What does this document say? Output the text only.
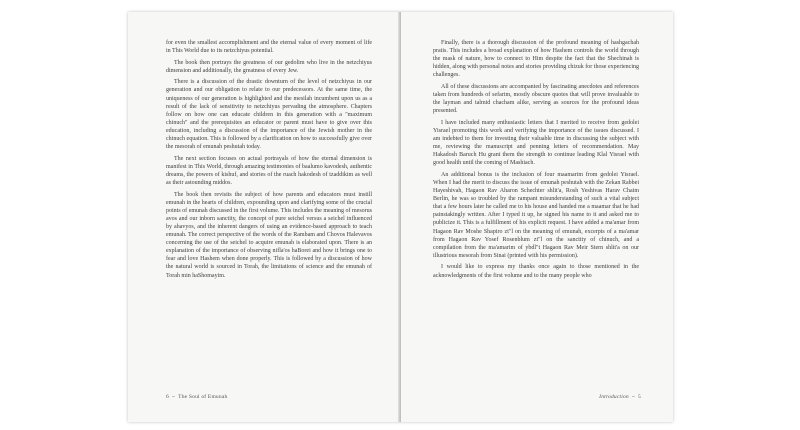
for even the smallest accomplishment and the eternal value of every moment of life in This World due to its netzchiyus potential.

The book then portrays the greatness of our gedolim who live in the netzchiyus dimension and additionally, the greatness of every Jew.

There is a discussion of the drastic downturn of the level of netzchiyus in our generation and our obligation to relate to our predecessors. At the same time, the uniqueness of our generation is highlighted and the mesilah incumbent upon us as a result of the lack of sensitivity to netzchiyus pervading the atmosphere. Chapters follow on how one can educate children in this generation with a "maximum chinuch" and the prerequisites an educator or parent must have to give over this education, including a discussion of the importance of the Jewish mother in the chinuch equation. This is followed by a clarification on how to successfully give over the mesorah of emunah peshutah today.

The next section focuses on actual portrayals of how the eternal dimension is manifest in This World, through amazing testimonies of baalumo kavodesh, authentic dreams, the powers of kishuf, and stories of the ruach hakodesh of tzaddikim as well as their astounding middos.

The book then revisits the subject of how parents and educators must instill emunah in the hearts of children, expounding upon and clarifying some of the crucial points of emunah discussed in the first volume. This includes the meaning of mesorus avos and our inborn sanctity, the concept of pure seichel versus a seichel influenced by ahavyos, and the inherent dangers of using an evidence-based approach to teach emunah. The correct perspective of the words of the Rambam and Chovos Halevavos concerning the use of the seichel to acquire emunah is elaborated upon. There is an explanation of the importance of observing nifla'os haBorei and how it brings one to fear and love Hashem when done properly. This is followed by a discussion of how the natural world is sourced in Torah, the limitations of science and the emunah of Torah min haShomayim.

6 ~ The Soul of Emunah

Finally, there is a thorough discussion of the profound meaning of hashgachah pratis. This includes a broad explanation of how Hashem controls the world through the mask of nature, how to connect to Him despite the fact that the Shechinah is hidden, along with personal notes and stories providing chizuk for those experiencing challenges.

All of these discussions are accompanied by fascinating anecdotes and references taken from hundreds of sefarim, mostly obscure quotes that will prove invaluable to the layman and talmid chacham alike, serving as sources for the profound ideas presented.

I have included many enthusiastic letters that I merited to receive from gedolei Yisrael promoting this work and verifying the importance of the issues discussed. I am indebted to them for investing their valuable time in discussing the subject with me, reviewing the manuscript and penning letters of recommendation. May Hakadosh Baruch Hu grant them the strength to continue leading Klal Yisrael with good health until the coming of Mashiach.

An additional bonus is the inclusion of four maamarim from gedolei Yisrael. When I had the merit to discuss the issue of emunah peshutah with the Zekan Rabbei Hayeshivah, Hagaon Rav Aharon Schechter shlit'a, Rosh Yeshivas Harav Chaim Berlin, he was so troubled by the rampant misunderstanding of such a vital subject that a few hours later he called me to his house and handed me a maamar that he had painstakingly written. After I typed it up, he signed his name to it and asked me to publicize it. This is a fulfillment of his explicit request. I have added a ma'amar from Hagaon Rav Moshe Shapiro zt"l on the meaning of emunah, excerpts of a ma'amar from Hagaon Rav Yosef Rosenblum zt"l on the sanctity of chinuch, and a compilation from the ma'amarim of ybdl"t Hagaon Rav Meir Stern shlit'a on our illustrious mesorah from Sinai (printed with his permission).

I would like to express my thanks once again to those mentioned in the acknowledgments of the first volume and to the many people who

Introduction ~ 5
